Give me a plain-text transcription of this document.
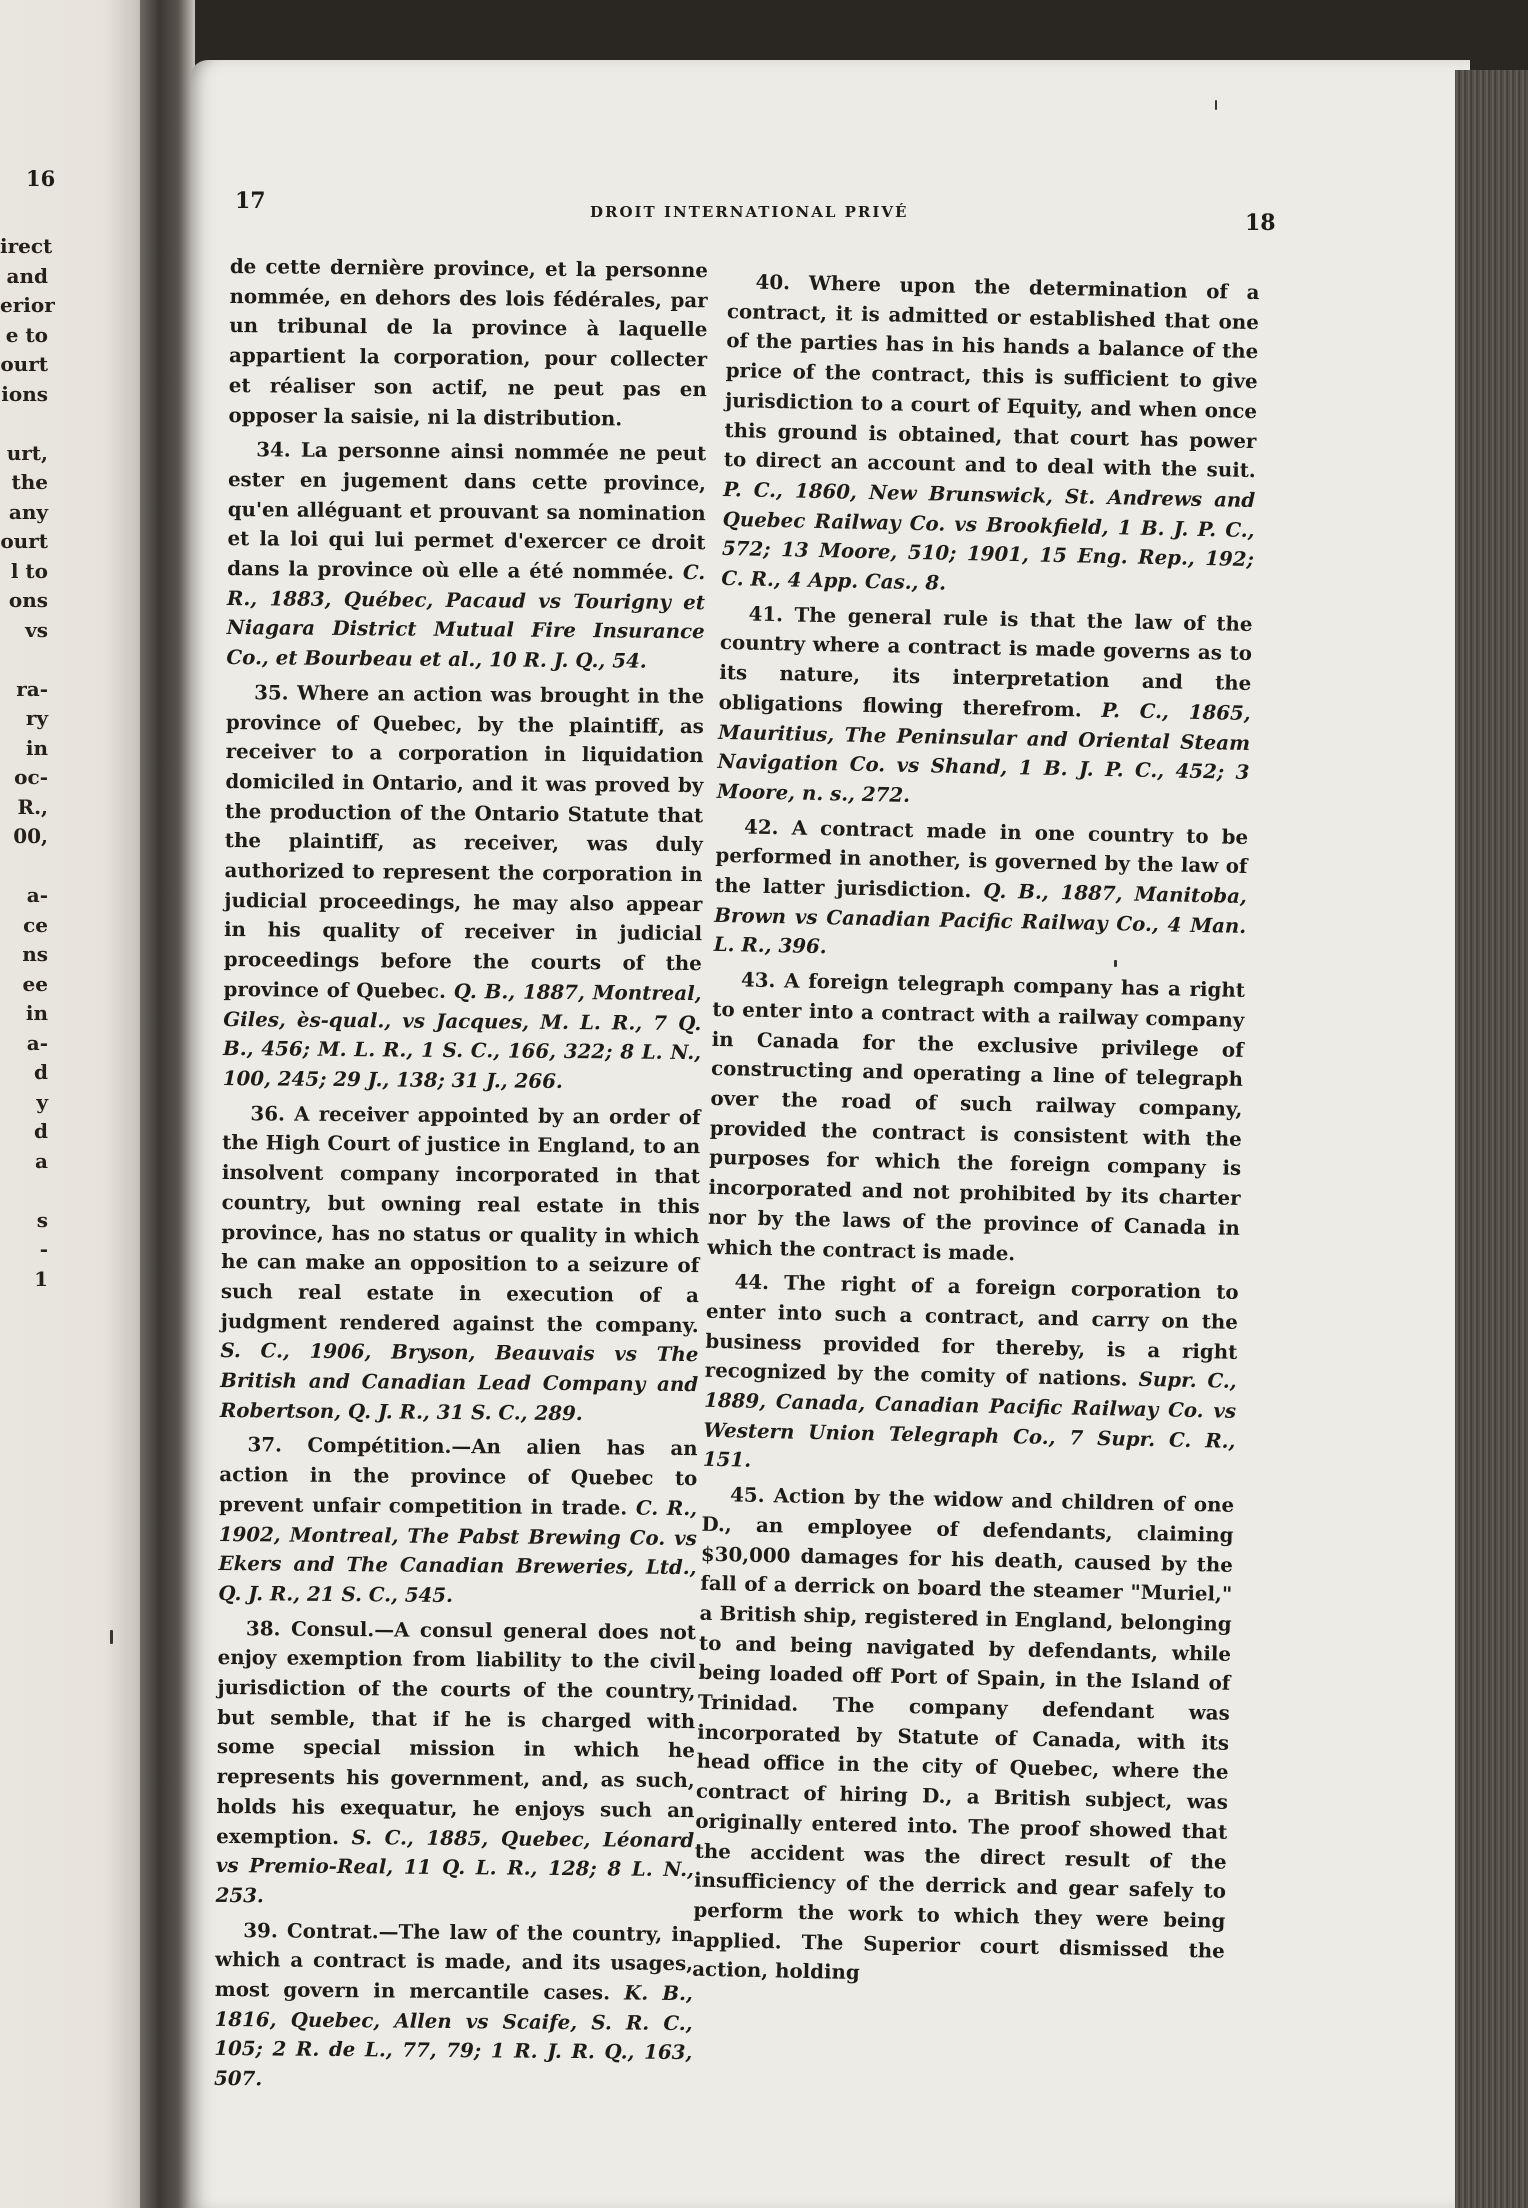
16
irect
and
erior
e to
ourt
ions
urt,
the
any
ourt
l to
ons
vs
ra-
ry
in
oc-
R.,
00,
a-
ce
ns
ee
in
a-
d
y
d
a
s
-
1
17	DROIT INTERNATIONAL PRIVÉ	18

de cette dernière province, et la personne nommée, en dehors des lois fédérales, par un tribunal de la province à laquelle appartient la corporation, pour collecter et réaliser son actif, ne peut pas en opposer la saisie, ni la distribution.

34. La personne ainsi nommée ne peut ester en jugement dans cette province, qu'en alléguant et prouvant sa nomination et la loi qui lui permet d'exercer ce droit dans la province où elle a été nommée. C. R., 1883, Québec, Pacaud vs Tourigny et Niagara District Mutual Fire Insurance Co., et Bourbeau et al., 10 R. J. Q., 54.

35. Where an action was brought in the province of Quebec, by the plaintiff, as receiver to a corporation in liquidation domiciled in Ontario, and it was proved by the production of the Ontario Statute that the plaintiff, as receiver, was duly authorized to represent the corporation in judicial proceedings, he may also appear in his quality of receiver in judicial proceedings before the courts of the province of Quebec. Q. B., 1887, Montreal, Giles, ès-qual., vs Jacques, M. L. R., 7 Q. B., 456; M. L. R., 1 S. C., 166, 322; 8 L. N., 100, 245; 29 J., 138; 31 J., 266.

36. A receiver appointed by an order of the High Court of justice in England, to an insolvent company incorporated in that country, but owning real estate in this province, has no status or quality in which he can make an opposition to a seizure of such real estate in execution of a judgment rendered against the company. S. C., 1906, Bryson, Beauvais vs The British and Canadian Lead Company and Robertson, Q. J. R., 31 S. C., 289.

37. Compétition.—An alien has an action in the province of Quebec to prevent unfair competition in trade. C. R., 1902, Montreal, The Pabst Brewing Co. vs Ekers and The Canadian Breweries, Ltd., Q. J. R., 21 S. C., 545.

38. Consul.—A consul general does not enjoy exemption from liability to the civil jurisdiction of the courts of the country, but semble, that if he is charged with some special mission in which he represents his government, and, as such, holds his exequatur, he enjoys such an exemption. S. C., 1885, Quebec, Léonard vs Premio-Real, 11 Q. L. R., 128; 8 L. N., 253.

39. Contrat.—The law of the country, in which a contract is made, and its usages, most govern in mercantile cases. K. B., 1816, Quebec, Allen vs Scaife, S. R. C., 105; 2 R. de L., 77, 79; 1 R. J. R. Q., 163, 507.

40. Where upon the determination of a contract, it is admitted or established that one of the parties has in his hands a balance of the price of the contract, this is sufficient to give jurisdiction to a court of Equity, and when once this ground is obtained, that court has power to direct an account and to deal with the suit. P. C., 1860, New Brunswick, St. Andrews and Quebec Railway Co. vs Brookfield, 1 B. J. P. C., 572; 13 Moore, 510; 1901, 15 Eng. Rep., 192; C. R., 4 App. Cas., 8.

41. The general rule is that the law of the country where a contract is made governs as to its nature, its interpretation and the obligations flowing therefrom. P. C., 1865, Mauritius, The Peninsular and Oriental Steam Navigation Co. vs Shand, 1 B. J. P. C., 452; 3 Moore, n. s., 272.

42. A contract made in one country to be performed in another, is governed by the law of the latter jurisdiction. Q. B., 1887, Manitoba, Brown vs Canadian Pacific Railway Co., 4 Man. L. R., 396.

43. A foreign telegraph company has a right to enter into a contract with a railway company in Canada for the exclusive privilege of constructing and operating a line of telegraph over the road of such railway company, provided the contract is consistent with the purposes for which the foreign company is incorporated and not prohibited by its charter nor by the laws of the province of Canada in which the contract is made.

44. The right of a foreign corporation to enter into such a contract, and carry on the business provided for thereby, is a right recognized by the comity of nations. Supr. C., 1889, Canada, Canadian Pacific Railway Co. vs Western Union Telegraph Co., 7 Supr. C. R., 151.

45. Action by the widow and children of one D., an employee of defendants, claiming $30,000 damages for his death, caused by the fall of a derrick on board the steamer "Muriel," a British ship, registered in England, belonging to and being navigated by defendants, while being loaded off Port of Spain, in the Island of Trinidad. The company defendant was incorporated by Statute of Canada, with its head office in the city of Quebec, where the contract of hiring D., a British subject, was originally entered into. The proof showed that the accident was the direct result of the insufficiency of the derrick and gear safely to perform the work to which they were being applied. The Superior court dismissed the action, holding
